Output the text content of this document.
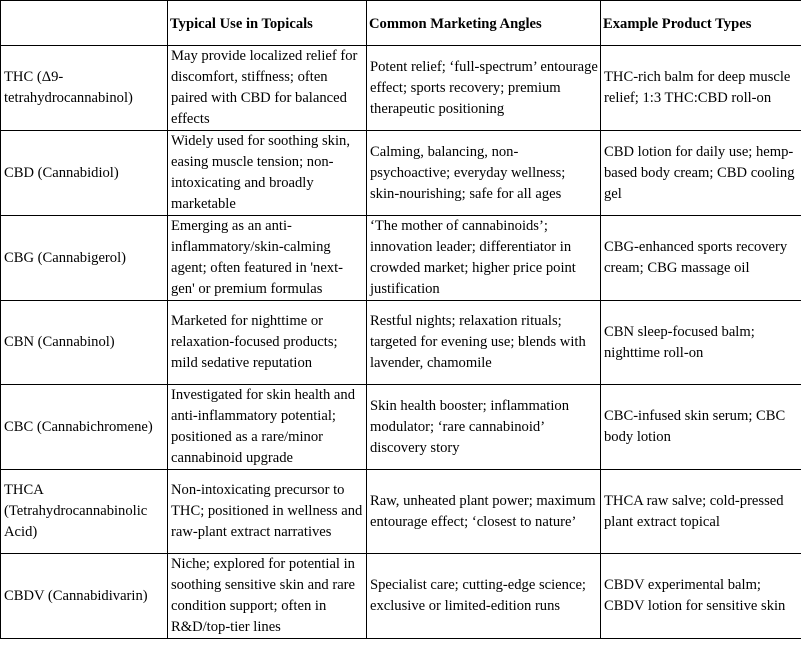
	Typical Use in Topicals	Common Marketing Angles	Example Product Types
THC (Δ9-tetrahydrocannabinol)	May provide localized relief for discomfort, stiffness; often paired with CBD for balanced effects	Potent relief; ‘full-spectrum’ entourage effect; sports recovery; premium therapeutic positioning	THC-rich balm for deep muscle relief; 1:3 THC:CBD roll-on
CBD (Cannabidiol)	Widely used for soothing skin, easing muscle tension; non-intoxicating and broadly marketable	Calming, balancing, non-psychoactive; everyday wellness; skin-nourishing; safe for all ages	CBD lotion for daily use; hemp-based body cream; CBD cooling gel
CBG (Cannabigerol)	Emerging as an anti-inflammatory/skin-calming agent; often featured in 'next-gen' or premium formulas	‘The mother of cannabinoids’; innovation leader; differentiator in crowded market; higher price point justification	CBG-enhanced sports recovery cream; CBG massage oil
CBN (Cannabinol)	Marketed for nighttime or relaxation-focused products; mild sedative reputation	Restful nights; relaxation rituals; targeted for evening use; blends with lavender, chamomile	CBN sleep-focused balm; nighttime roll-on
CBC (Cannabichromene)	Investigated for skin health and anti-inflammatory potential; positioned as a rare/minor cannabinoid upgrade	Skin health booster; inflammation modulator; ‘rare cannabinoid’ discovery story	CBC-infused skin serum; CBC body lotion
THCA (Tetrahydrocannabinolic Acid)	Non-intoxicating precursor to THC; positioned in wellness and raw-plant extract narratives	Raw, unheated plant power; maximum entourage effect; ‘closest to nature’	THCA raw salve; cold-pressed plant extract topical
CBDV (Cannabidivarin)	Niche; explored for potential in soothing sensitive skin and rare condition support; often in R&D/top-tier lines	Specialist care; cutting-edge science; exclusive or limited-edition runs	CBDV experimental balm; CBDV lotion for sensitive skin
